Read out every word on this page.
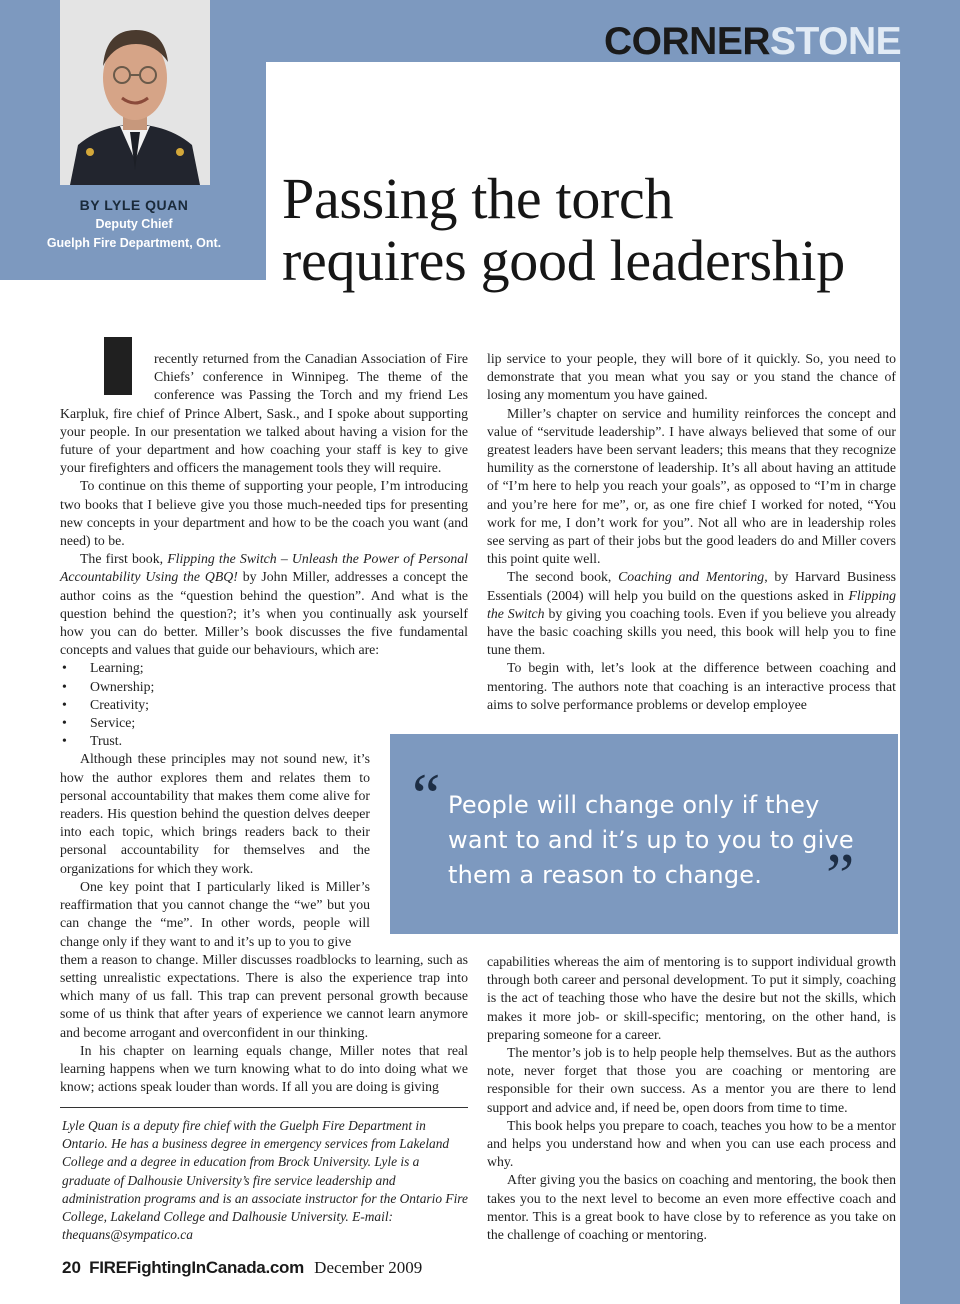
CORNERSTONE
BY LYLE QUAN
Deputy Chief
Guelph Fire Department, Ont.
Passing the torch
requires good leadership

recently returned from the Canadian Association of Fire Chiefs’ conference in Winnipeg. The theme of the conference was Passing the Torch and my friend Les Karpluk, fire chief of Prince Albert, Sask., and I spoke about supporting your people. In our presentation we talked about having a vision for the future of your department and how coaching your staff is key to give your firefighters and officers the management tools they will require.

To continue on this theme of supporting your people, I’m introducing two books that I believe give you those much-needed tips for presenting new concepts in your department and how to be the coach you want (and need) to be.

The first book, Flipping the Switch – Unleash the Power of Personal Accountability Using the QBQ! by John Miller, addresses a concept the author coins as the “question behind the question”. And what is the question behind the question?; it’s when you continually ask yourself how you can do better. Miller’s book discusses the five fundamental concepts and values that guide our behaviours, which are:

• Learning;
• Ownership;
• Creativity;
• Service;
• Trust.

Although these principles may not sound new, it’s how the author explores them and relates them to personal accountability that makes them come alive for readers. His question behind the question delves deeper into each topic, which brings readers back to their personal accountability for themselves and the organizations for which they work.

One key point that I particularly liked is Miller’s reaffirmation that you cannot change the “we” but you can change the “me”. In other words, people will change only if they want to and it’s up to you to give

them a reason to change. Miller discusses roadblocks to learning, such as setting unrealistic expectations. There is also the experience trap into which many of us fall. This trap can prevent personal growth because some of us think that after years of experience we cannot learn anymore and become arrogant and overconfident in our thinking.

In his chapter on learning equals change, Miller notes that real learning happens when we turn knowing what to do into doing what we know; actions speak louder than words. If all you are doing is giving

lip service to your people, they will bore of it quickly. So, you need to demonstrate that you mean what you say or you stand the chance of losing any momentum you have gained.

Miller’s chapter on service and humility reinforces the concept and value of “servitude leadership”. I have always believed that some of our greatest leaders have been servant leaders; this means that they recognize humility as the cornerstone of leadership. It’s all about having an attitude of “I’m here to help you reach your goals”, as opposed to “I’m in charge and you’re here for me”, or, as one fire chief I worked for noted, “You work for me, I don’t work for you”. Not all who are in leadership roles see serving as part of their jobs but the good leaders do and Miller covers this point quite well.

The second book, Coaching and Mentoring, by Harvard Business Essentials (2004) will help you build on the questions asked in Flipping the Switch by giving you coaching tools. Even if you believe you already have the basic coaching skills you need, this book will help you to fine tune them.

To begin with, let’s look at the difference between coaching and mentoring. The authors note that coaching is an interactive process that aims to solve performance problems or develop employee

“ People will change only if they want to and it’s up to you to give them a reason to change. ”

capabilities whereas the aim of mentoring is to support individual growth through both career and personal development. To put it simply, coaching is the act of teaching those who have the desire but not the skills, which makes it more job- or skill-specific; mentoring, on the other hand, is preparing someone for a career.

The mentor’s job is to help people help themselves. But as the authors note, never forget that those you are coaching or mentoring are responsible for their own success. As a mentor you are there to lend support and advice and, if need be, open doors from time to time.

This book helps you prepare to coach, teaches you how to be a mentor and helps you understand how and when you can use each process and why.

After giving you the basics on coaching and mentoring, the book then takes you to the next level to become an even more effective coach and mentor. This is a great book to have close by to reference as you take on the challenge of coaching or mentoring.

Lyle Quan is a deputy fire chief with the Guelph Fire Department in Ontario. He has a business degree in emergency services from Lakeland College and a degree in education from Brock University. Lyle is a graduate of Dalhousie University’s fire service leadership and administration programs and is an associate instructor for the Ontario Fire College, Lakeland College and Dalhousie University. E-mail: thequans@sympatico.ca
20 FIREFightingInCanada.com December 2009
